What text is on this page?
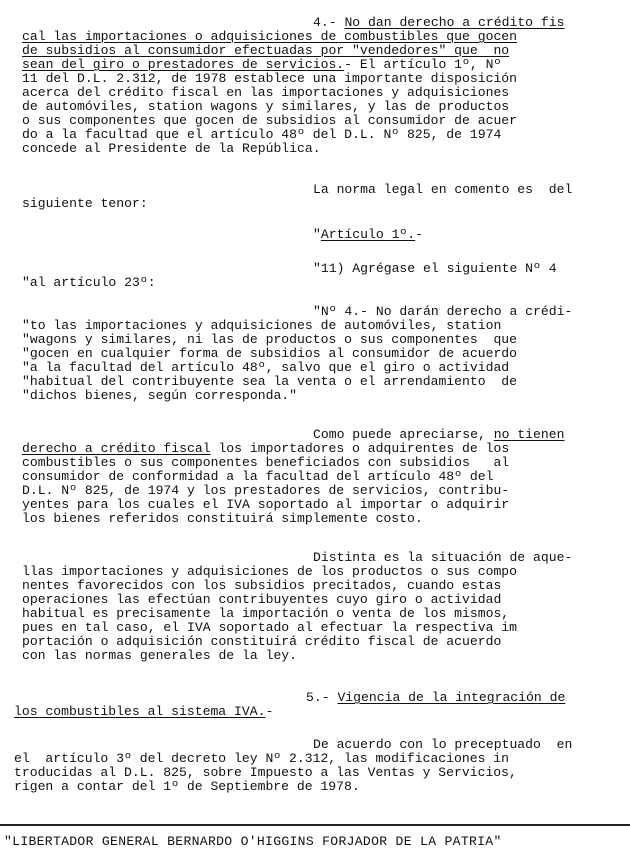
4.- No dan derecho a crédito fis
cal las importaciones o adquisiciones de combustibles que gocen
de subsidios al consumidor efectuadas por "vendedores" que  no
sean del giro o prestadores de servicios.- El artículo 1º, Nº
11 del D.L. 2.312, de 1978 establece una importante disposición
acerca del crédito fiscal en las importaciones y adquisiciones
de automóviles, station wagons y similares, y las de productos
o sus componentes que gocen de subsidios al consumidor de acuer
do a la facultad que el artículo 48º del D.L. Nº 825, de 1974
concede al Presidente de la República.
La norma legal en comento es  del
siguiente tenor:
"Artículo 1º.-
"11) Agrégase el siguiente Nº 4
"al artículo 23º:
"Nº 4.- No darán derecho a crédi-
"to las importaciones y adquisiciones de automóviles, station
"wagons y similares, ni las de productos o sus componentes  que
"gocen en cualquier forma de subsidios al consumidor de acuerdo
"a la facultad del artículo 48º, salvo que el giro o actividad
"habitual del contribuyente sea la venta o el arrendamiento  de
"dichos bienes, según corresponda."
Como puede apreciarse, no tienen
derecho a crédito fiscal los importadores o adquirentes de los
combustibles o sus componentes beneficiados con subsidios   al
consumidor de conformidad a la facultad del artículo 48º del
D.L. Nº 825, de 1974 y los prestadores de servicios, contribu-
yentes para los cuales el IVA soportado al importar o adquirir
los bienes referidos constituirá simplemente costo.
Distinta es la situación de aque-
llas importaciones y adquisiciones de los productos o sus compo
nentes favorecidos con los subsidios precitados, cuando estas
operaciones las efectúan contribuyentes cuyo giro o actividad
habitual es precisamente la importación o venta de los mismos,
pues en tal caso, el IVA soportado al efectuar la respectiva im
portación o adquisición constituirá crédito fiscal de acuerdo
con las normas generales de la ley.
5.- Vigencia de la integración de
los combustibles al sistema IVA.-
De acuerdo con lo preceptuado  en
el  artículo 3º del decreto ley Nº 2.312, las modificaciones in
troducidas al D.L. 825, sobre Impuesto a las Ventas y Servicios,
rigen a contar del 1º de Septiembre de 1978.
"LIBERTADOR GENERAL BERNARDO O'HIGGINS FORJADOR DE LA PATRIA"
